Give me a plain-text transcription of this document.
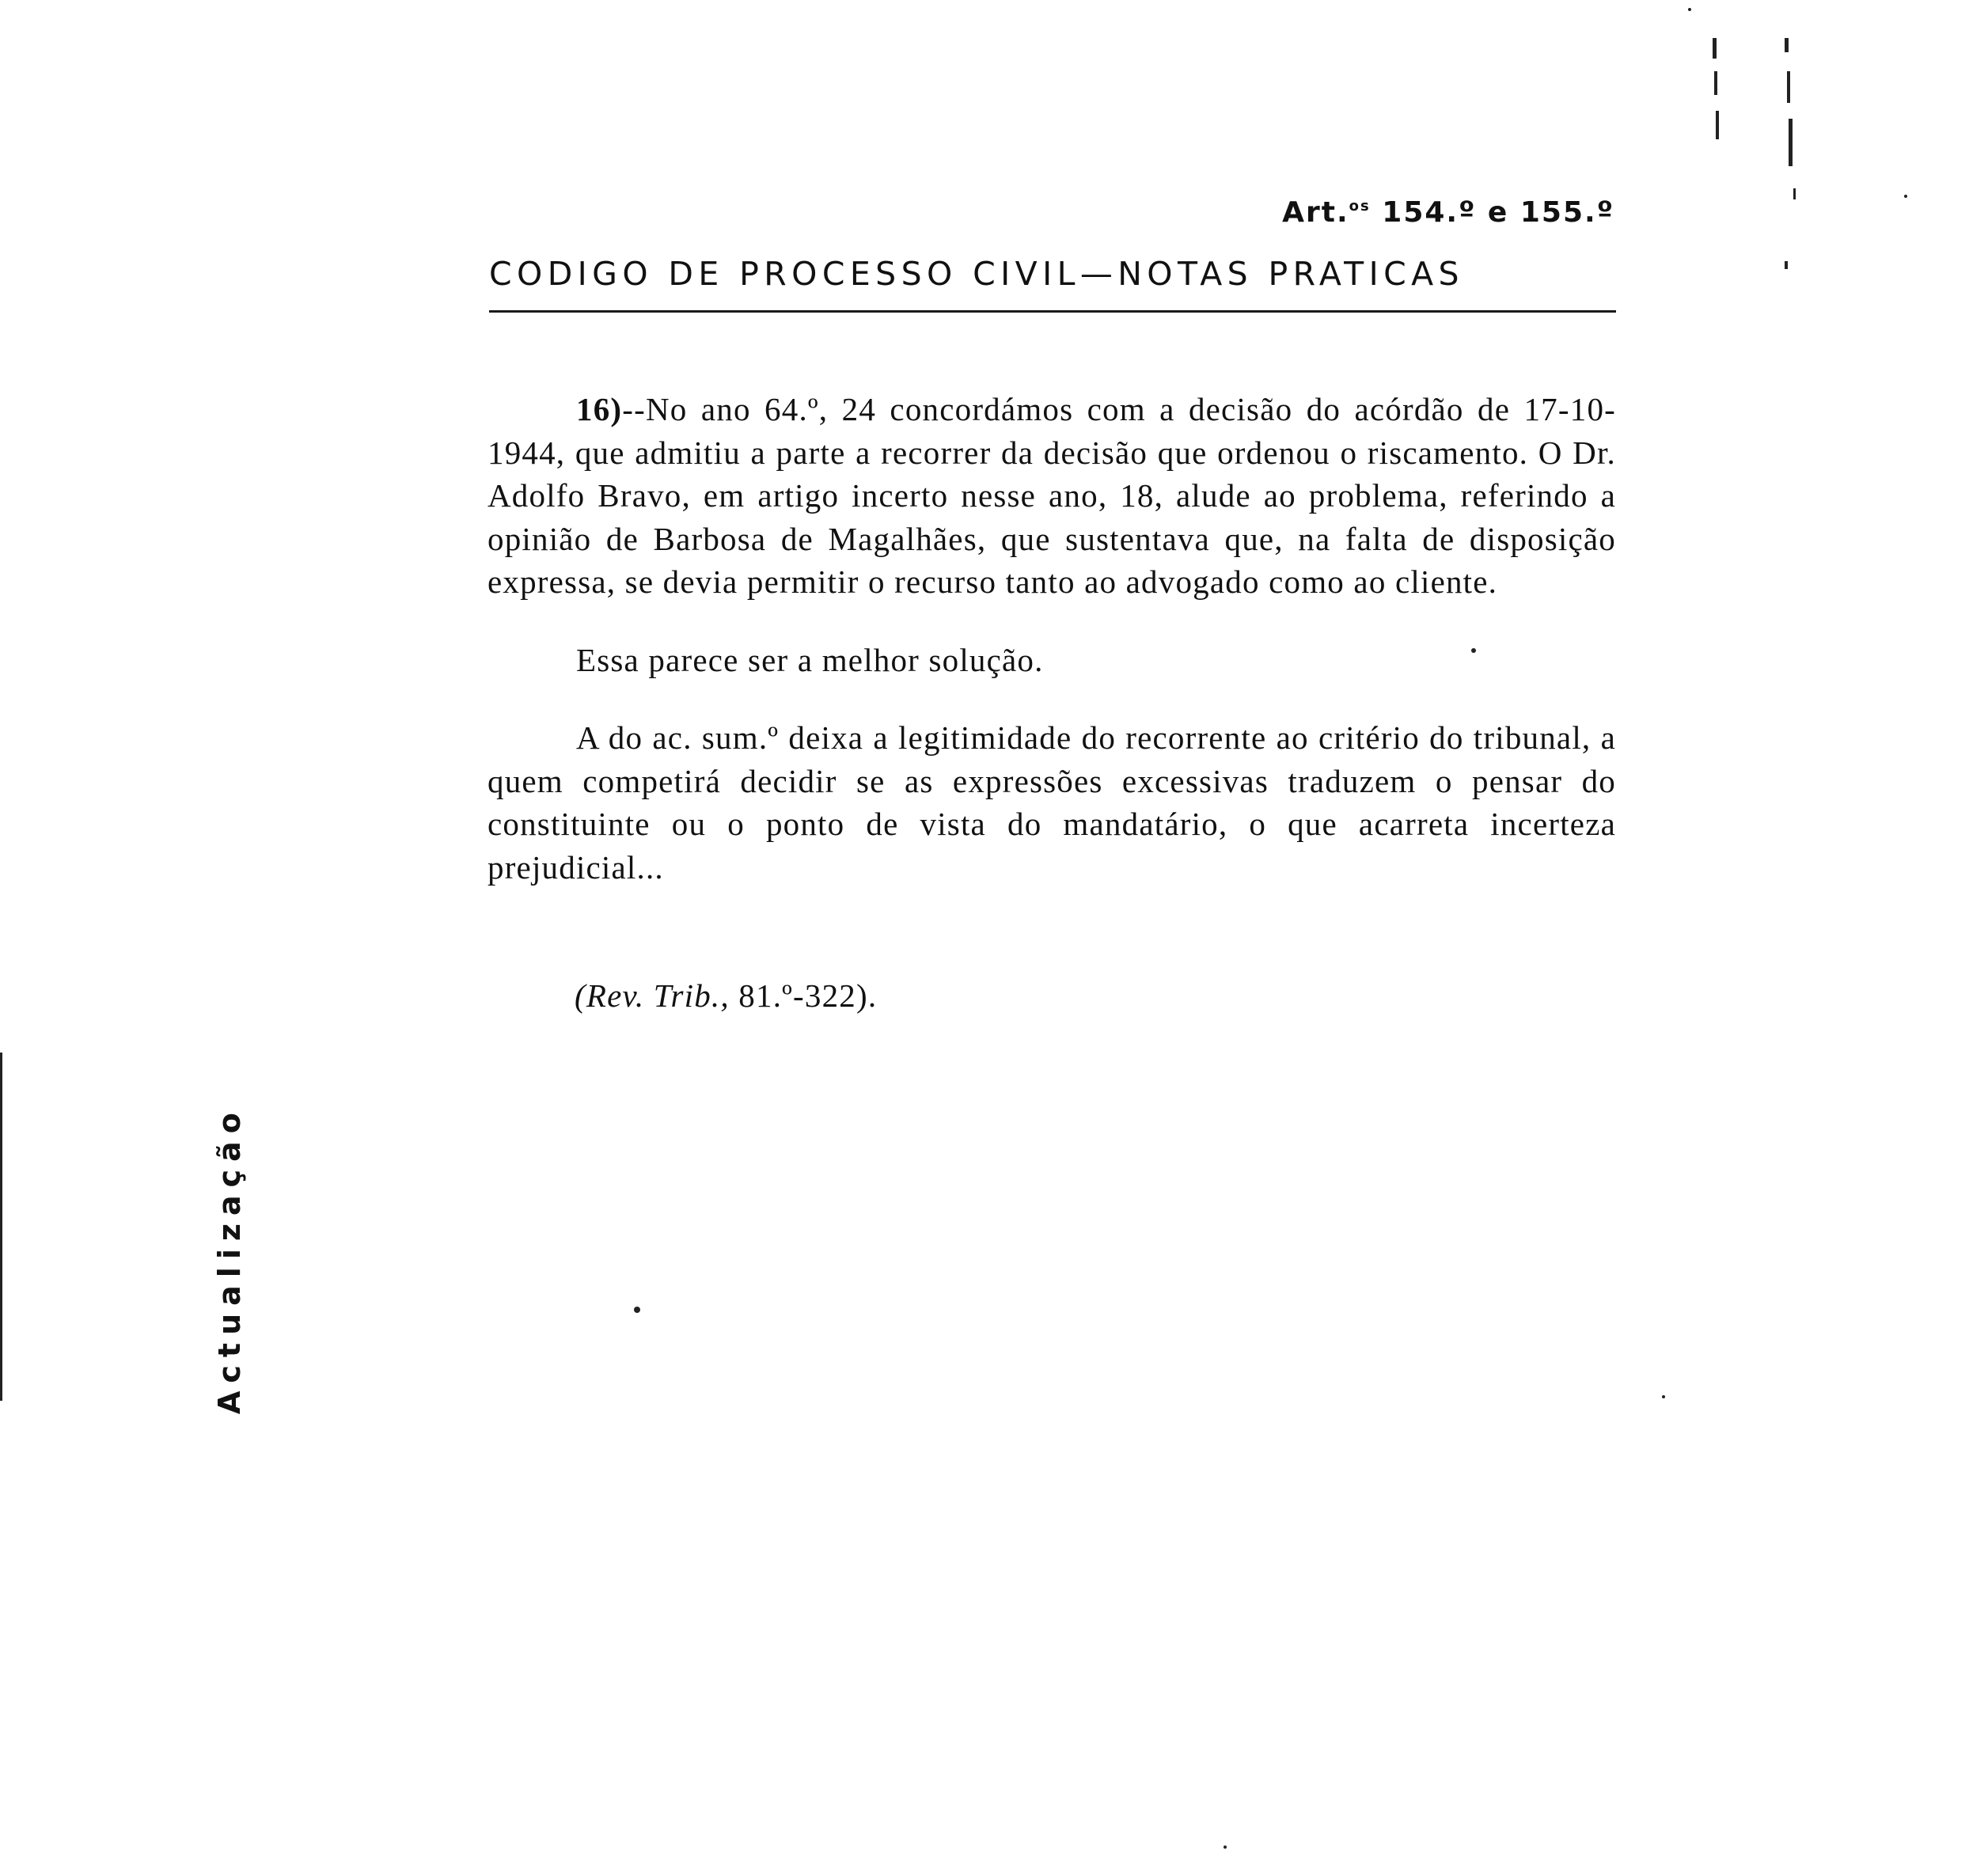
Art.$^{os}$ 154.º e 155.º
CODIGO DE PROCESSO CIVIL—NOTAS PRATICAS

16)--No ano 64.º, 24 concordámos com a decisão do acórdão de 17-10-1944, que admitiu a parte a recorrer da decisão que ordenou o riscamento. O Dr. Adolfo Bravo, em artigo incerto nesse ano, 18, alude ao problema, referindo a opinião de Barbosa de Magalhães, que sustentava que, na falta de disposição expressa, se devia permitir o recurso tanto ao advogado como ao cliente.

Essa parece ser a melhor solução.

A do ac. sum.º deixa a legitimidade do recorrente ao critério do tribunal, a quem competirá decidir se as expressões excessivas traduzem o pensar do constituinte ou o ponto de vista do mandatário, o que acarreta incerteza prejudicial...

(Rev. Trib., 81.º-322).
Actualização
